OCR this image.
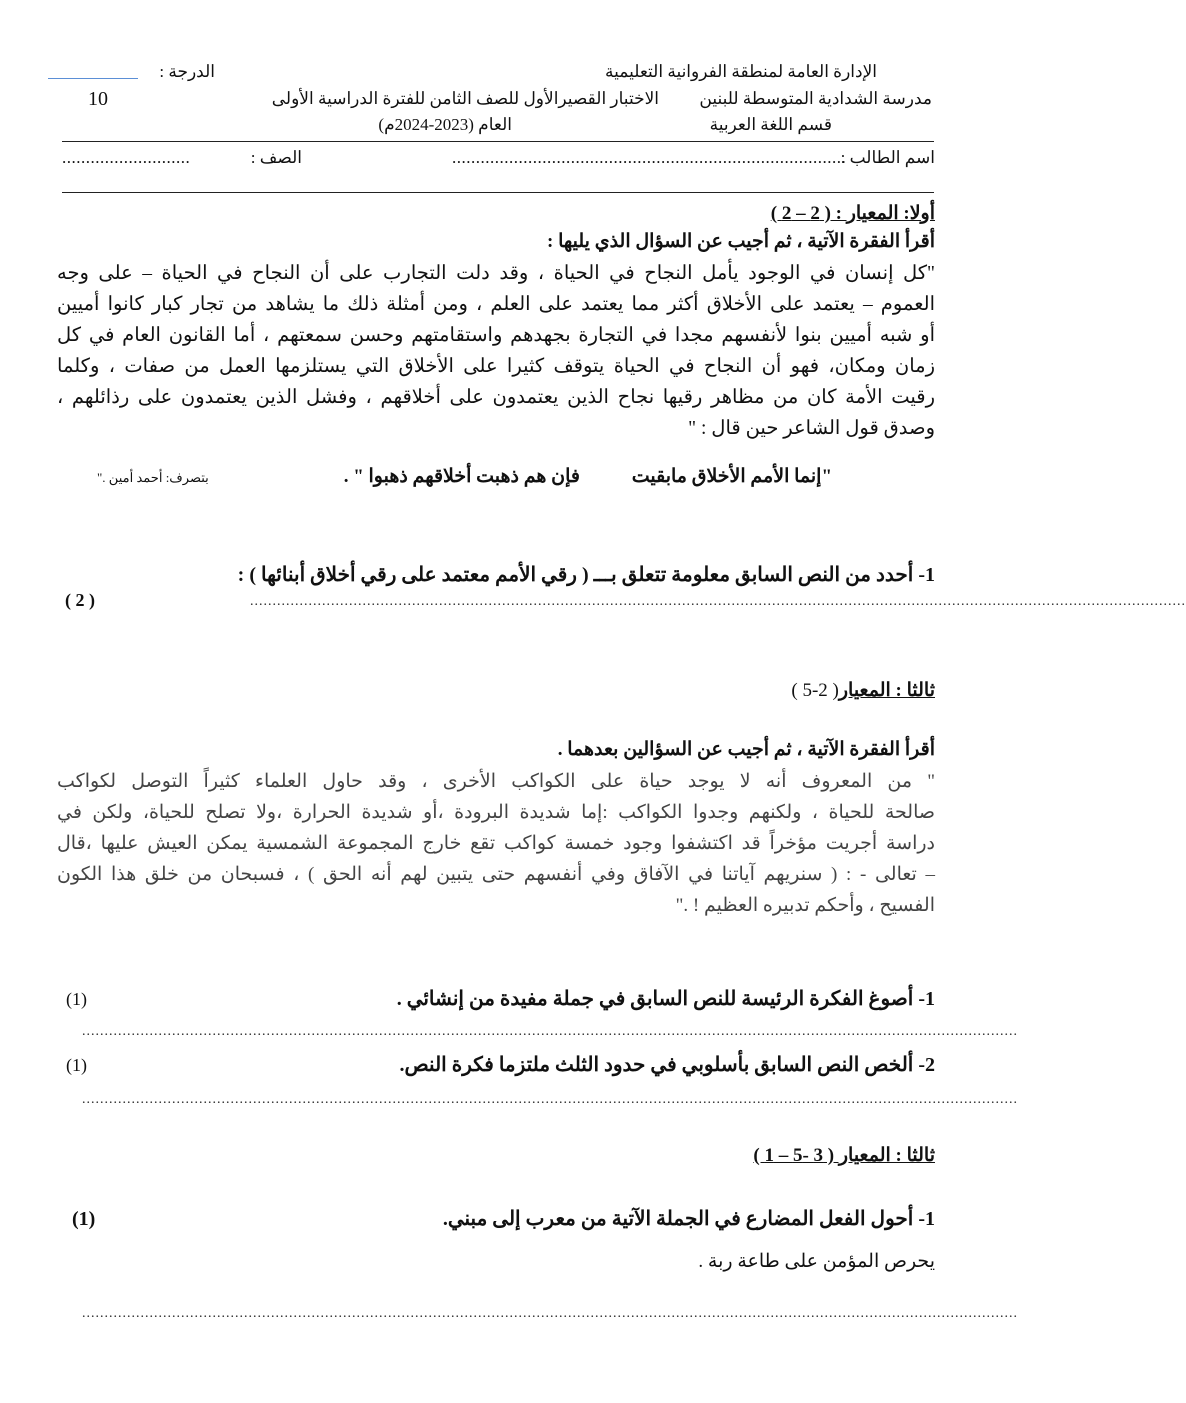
الإدارة العامة لمنطقة الفروانية التعليمية
مدرسة الشدادية المتوسطة للبنين
قسم اللغة العربية
الاختبار القصيرالأول للصف الثامن للفترة الدراسية الأولى
العام (2023-2024م)
الدرجة :
10
اسم الطالب :
...................................................................................
الصف :
...........................
أولا: المعيار : ( 2 – 2 )
أقرأ الفقرة الآتية ، ثم أجيب عن السؤال الذي يليها :
"كل إنسان في الوجود يأمل النجاح في الحياة ، وقد دلت التجارب على أن النجاح في الحياة – على وجه
العموم – يعتمد على الأخلاق أكثر مما يعتمد على العلم ، ومن أمثلة ذلك ما يشاهد من تجار كبار كانوا أميين
أو شبه أميين بنوا لأنفسهم مجدا في التجارة بجهدهم واستقامتهم وحسن سمعتهم ، أما القانون العام في كل
زمان ومكان، فهو أن النجاح في الحياة يتوقف كثيرا على الأخلاق التي يستلزمها العمل من صفات ، وكلما
رقيت الأمة كان من مظاهر رقيها نجاح الذين يعتمدون على أخلاقهم ، وفشل الذين يعتمدون على رذائلهم ،
وصدق قول الشاعر حين قال : "
"إنما الأمم الأخلاق مابقيت
فإن هم ذهبت أخلاقهم ذهبوا " .
بتصرف: أحمد أمين ."
1- أحدد من النص السابق معلومة تتعلق بـــ ( رقي الأمم معتمد على رقي أخلاق أبنائها ) :
( 2 )	................................................................................................................................................................................................................
ثالثا : المعيار( 2-5 )
أقرأ الفقرة الآتية ، ثم أجيب عن السؤالين بعدهما .
" من المعروف أنه لا يوجد حياة على الكواكب الأخرى ، وقد حاول العلماء كثيراً التوصل لكواكب
صالحة للحياة ، ولكنهم وجدوا الكواكب :إما شديدة البرودة ،أو شديدة الحرارة ،ولا تصلح للحياة، ولكن في
دراسة أجريت مؤخراً قد اكتشفوا وجود خمسة كواكب تقع خارج المجموعة الشمسية يمكن العيش عليها ،قال
– تعالى - : ( سنريهم آياتنا في الآفاق وفي أنفسهم حتى يتبين لهم أنه الحق ) ، فسبحان من خلق هذا الكون
الفسيح ، وأحكم تدبيره العظيم ! ."
1- أصوغ الفكرة الرئيسة للنص السابق في جملة مفيدة من إنشائي .
(1)
................................................................................................................................................................................................................
2- ألخص النص السابق بأسلوبي في حدود الثلث ملتزما فكرة النص.
(1)
................................................................................................................................................................................................................
ثالثا : المعيار ( 3 -5 – 1 )
1- أحول الفعل المضارع في الجملة الآتية من معرب إلى مبني.
(1)
يحرص المؤمن على طاعة ربة .
................................................................................................................................................................................................................
